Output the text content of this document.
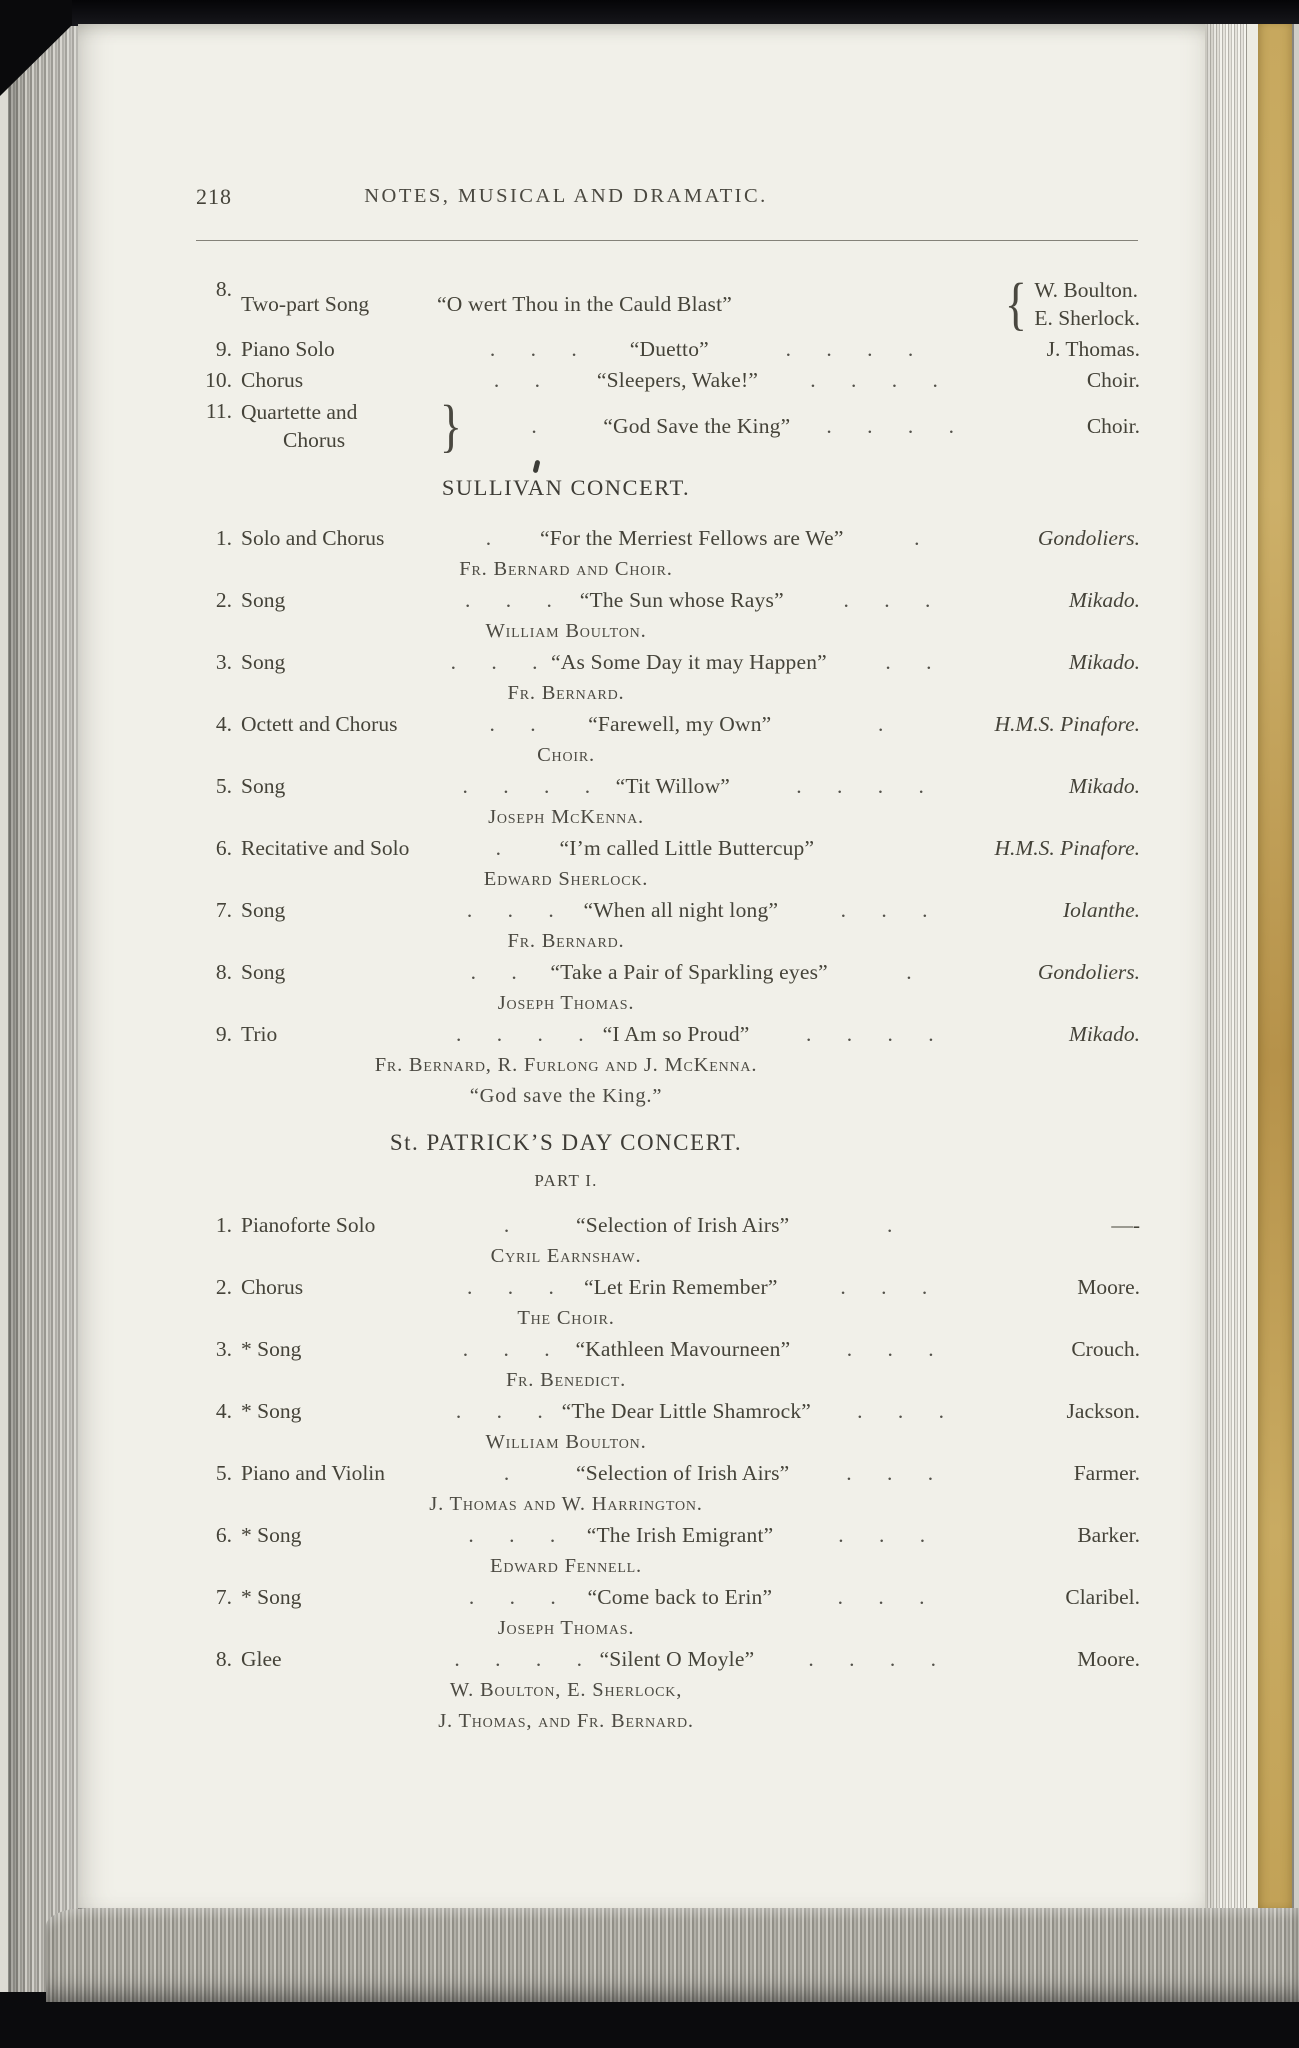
218	NOTES, MUSICAL AND DRAMATIC.
8.
Two-part Song	“O wert Thou in the Cauld Blast”	{ W. Boulton.
E. Sherlock.
9. Piano Solo	. . .	“Duetto”	. . . .	J. Thomas.
10. Chorus	. .	“Sleepers, Wake!”	. . . .	Choir.
11. Quartette and
Chorus	}	.	“God Save the King”	. . . .	Choir.
SULLIVAN CONCERT.
1. Solo and Chorus	.	“For the Merriest Fellows are We”	.	Gondoliers.
Fr. Bernard and Choir.
2. Song	. . .	“The Sun whose Rays”	. . .	Mikado.
William Boulton.
3. Song	. . . “As Some Day it may Happen”	. .	Mikado.
Fr. Bernard.
4. Octett and Chorus	. .	“Farewell, my Own”	.	H.M.S. Pinafore.
Choir.
5. Song	. . . .	“Tit Willow”	. . . .	Mikado.
Joseph McKenna.
6. Recitative and Solo	.	“I’m called Little Buttercup”	H.M.S. Pinafore.
Edward Sherlock.
7. Song	. . .	“When all night long”	. . .	Iolanthe.
Fr. Bernard.
8. Song	. .	“Take a Pair of Sparkling eyes”	.	Gondoliers.
Joseph Thomas.
9. Trio	. . . . “I Am so Proud”	. . . .	Mikado.
Fr. Bernard, R. Furlong and J. McKenna.
“God save the King.”
St. PATRICK’S DAY CONCERT.
PART I.
1. Pianoforte Solo	.	“Selection of Irish Airs”	.	—-
Cyril Earnshaw.
2. Chorus	. . .	“Let Erin Remember”	. . .	Moore.
The Choir.
3. * Song	. . .	“Kathleen Mavourneen”	. . .	Crouch.
Fr. Benedict.
4. * Song	. . . “The Dear Little Shamrock”	. . .	Jackson.
William Boulton.
5. Piano and Violin	.	“Selection of Irish Airs”	. . .	Farmer.
J. Thomas and W. Harrington.
6. * Song	. . .	“The Irish Emigrant”	. . .	Barker.
Edward Fennell.
7. * Song	. . .	“Come back to Erin”	. . .	Claribel.
Joseph Thomas.
8. Glee	. . . . “Silent O Moyle”	. . . .	Moore.
W. Boulton, E. Sherlock,
J. Thomas, and Fr. Bernard.
